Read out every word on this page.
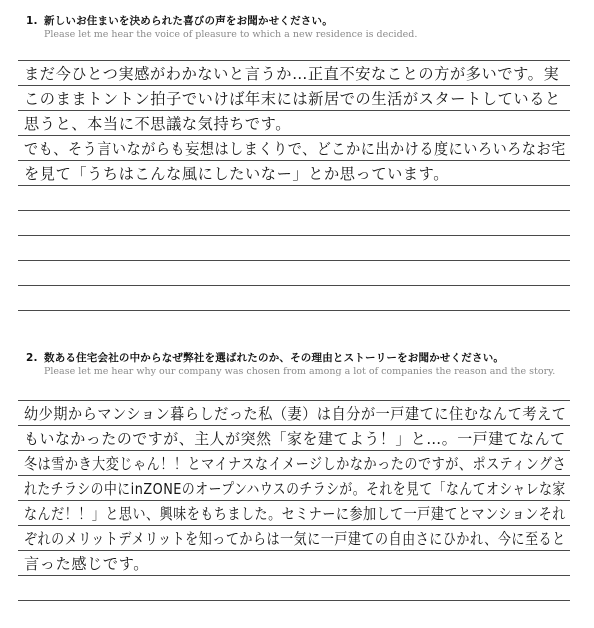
1. 新しいお住まいを決められた喜びの声をお聞かせください。
Please let me hear the voice of pleasure to which a new residence is decided.
まだ今ひとつ実感がわかないと言うか…正直不安なことの方が多いです。実
このままトントン拍子でいけば年末には新居での生活がスタートしていると
思うと、本当に不思議な気持ちです。
でも、そう言いながらも妄想はしまくりで、どこかに出かける度にいろいろなお宅
を見て「うちはこんな風にしたいなー」とか思っています。
2. 数ある住宅会社の中からなぜ弊社を選ばれたのか、その理由とストーリーをお聞かせください。
Please let me hear why our company was chosen from among a lot of companies the reason and the story.
幼少期からマンション暮らしだった私（妻）は自分が一戸建てに住むなんて考えて
もいなかったのですが、主人が突然「家を建てよう！」と…。一戸建てなんて
冬は雪かき大変じゃん！！とマイナスなイメージしかなかったのですが、ポスティングさ
れたチラシの中にinZONEのオープンハウスのチラシが。それを見て「なんてオシャレな家
なんだ！！」と思い、興味をもちました。セミナーに参加して一戸建てとマンションそれ
ぞれのメリットデメリットを知ってからは一気に一戸建ての自由さにひかれ、今に至ると
言った感じです。
